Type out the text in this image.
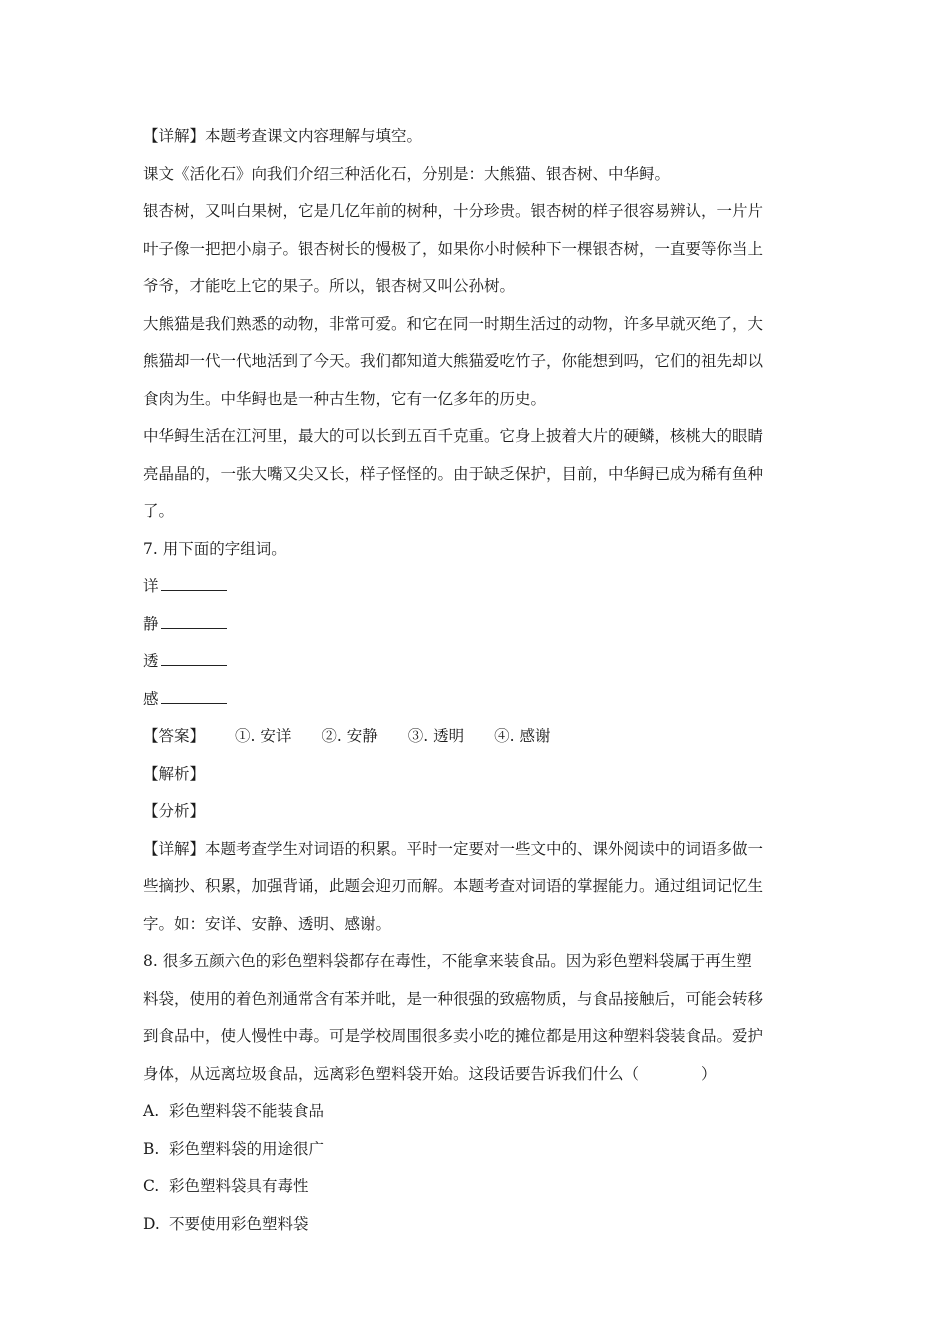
【详解】本题考查课文内容理解与填空。

课文《活化石》向我们介绍三种活化石，分别是：大熊猫、银杏树、中华鲟。

银杏树，又叫白果树，它是几亿年前的树种，十分珍贵。银杏树的样子很容易辨认，一片片

叶子像一把把小扇子。银杏树长的慢极了，如果你小时候种下一棵银杏树，一直要等你当上

爷爷，才能吃上它的果子。所以，银杏树又叫公孙树。

大熊猫是我们熟悉的动物，非常可爱。和它在同一时期生活过的动物，许多早就灭绝了，大

熊猫却一代一代地活到了今天。我们都知道大熊猫爱吃竹子，你能想到吗，它们的祖先却以

食肉为生。中华鲟也是一种古生物，它有一亿多年的历史。

中华鲟生活在江河里，最大的可以长到五百千克重。它身上披着大片的硬鳞，核桃大的眼睛

亮晶晶的，一张大嘴又尖又长，样子怪怪的。由于缺乏保护，目前，中华鲟已成为稀有鱼种

了。

7. 用下面的字组词。

详

静

透

感

【答案】 ①. 安详 ②. 安静 ③. 透明 ④. 感谢

【解析】

【分析】

【详解】本题考查学生对词语的积累。平时一定要对一些文中的、课外阅读中的词语多做一

些摘抄、积累，加强背诵，此题会迎刃而解。本题考查对词语的掌握能力。通过组词记忆生

字。如：安详、安静、透明、感谢。

8. 很多五颜六色的彩色塑料袋都存在毒性，不能拿来装食品。因为彩色塑料袋属于再生塑

料袋，使用的着色剂通常含有苯并吡，是一种很强的致癌物质，与食品接触后，可能会转移

到食品中，使人慢性中毒。可是学校周围很多卖小吃的摊位都是用这种塑料袋装食品。爱护

身体，从远离垃圾食品，远离彩色塑料袋开始。这段话要告诉我们什么（	）

A. 彩色塑料袋不能装食品

B. 彩色塑料袋的用途很广

C. 彩色塑料袋具有毒性

D. 不要使用彩色塑料袋
